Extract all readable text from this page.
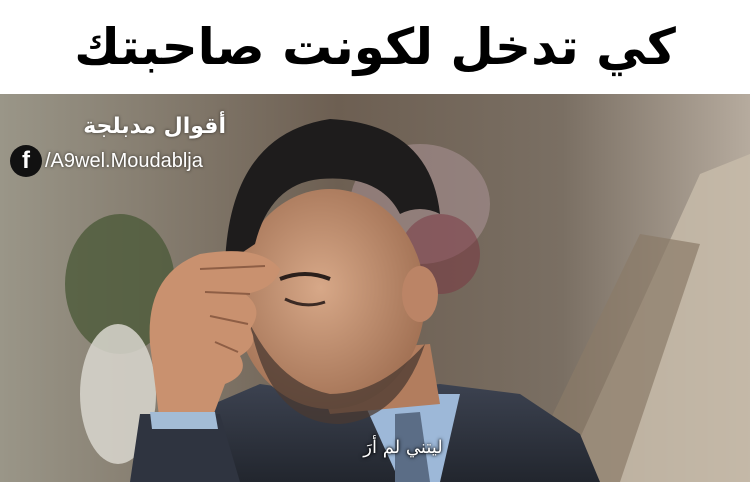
كي تدخل لكونت صاحبتك
أقوال مدبلجة
f /A9wel.Moudablja
ليتني لم أرَ
